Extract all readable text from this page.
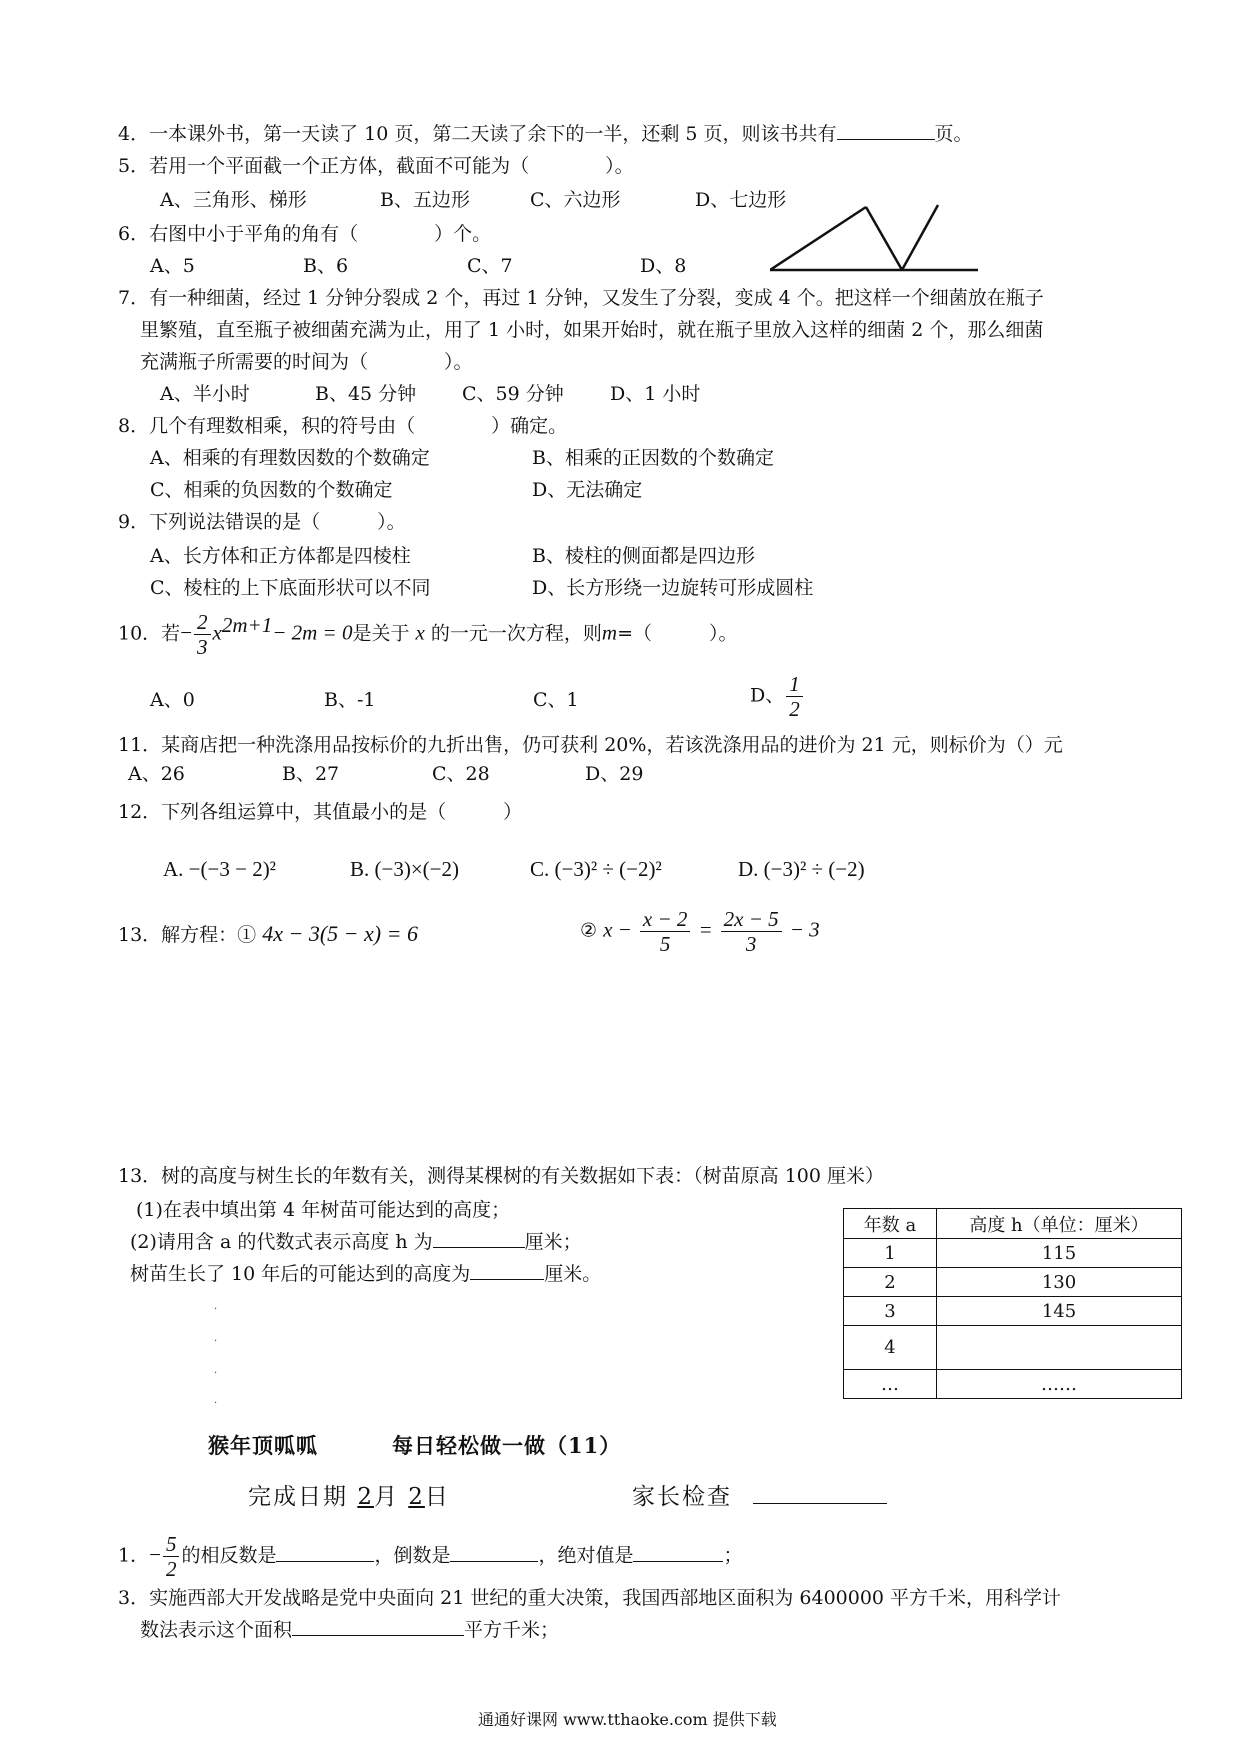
4．一本课外书，第一天读了 10 页，第二天读了余下的一半，还剩 5 页，则该书共有	页。
5．若用一个平面截一个正方体，截面不可能为（　　　　）。
A、三角形、梯形	B、五边形	C、六边形	D、七边形
6．右图中小于平角的角有（　　　　）个。
A、5	B、6	C、7	D、8
7．有一种细菌，经过 1 分钟分裂成 2 个，再过 1 分钟，又发生了分裂，变成 4 个。把这样一个细菌放在瓶子
里繁殖，直至瓶子被细菌充满为止，用了 1 小时，如果开始时，就在瓶子里放入这样的细菌 2 个，那么细菌
充满瓶子所需要的时间为（　　　　）。
A、半小时	B、45 分钟 C、59 分钟 D、1 小时
8．几个有理数相乘，积的符号由（　　　　）确定。
A、相乘的有理数因数的个数确定	B、相乘的正因数的个数确定
C、相乘的负因数的个数确定	D、无法确定
9．下列说法错误的是（　　　）。
A、长方体和正方体都是四棱柱	B、棱柱的侧面都是四边形
C、棱柱的上下底面形状可以不同	D、长方形绕一边旋转可形成圆柱
10．若− $\frac{2}{3} x^{2m+1}- 2m = 0$是关于 x 的一元一次方程，则m=（　　　）。
A、0	B、-1	C、1	D、 $\frac{1}{2}$
11．某商店把一种洗涤用品按标价的九折出售，仍可获利 20%，若该洗涤用品的进价为 21 元，则标价为（）元
A、26	B、27	C、28	D、29
12．下列各组运算中，其值最小的是（　　　）
A. −(−3 − 2)²	B. (−3)×(−2)	C. (−3)² ÷ (−2)²	D. (−3)² ÷ (−2)
13．解方程：① 4x − 3(5 − x) = 6	② $x - \frac{x - 2}{5} = \frac{2x - 5}{3} - 3$
13．树的高度与树生长的年数有关，测得某棵树的有关数据如下表：（树苗原高 100 厘米）
(1)在表中填出第 4 年树苗可能达到的高度；
(2)请用含 a 的代数式表示高度 h 为	厘米；
树苗生长了 10 年后的可能达到的高度为	厘米。
·
·
·
·
年数 a	高度 h（单位：厘米）
1	115
2	130
3	145
4	
…	……
猴年顶呱呱	每日轻松做一做（11）
完成日期 2月 2日	家长检查
1．− $\frac{5}{2}$ 的相反数是	，倒数是	，绝对值是	；
3．实施西部大开发战略是党中央面向 21 世纪的重大决策，我国西部地区面积为 6400000 平方千米，用科学计
数法表示这个面积	平方千米；
通通好课网 www.tthaoke.com 提供下载
